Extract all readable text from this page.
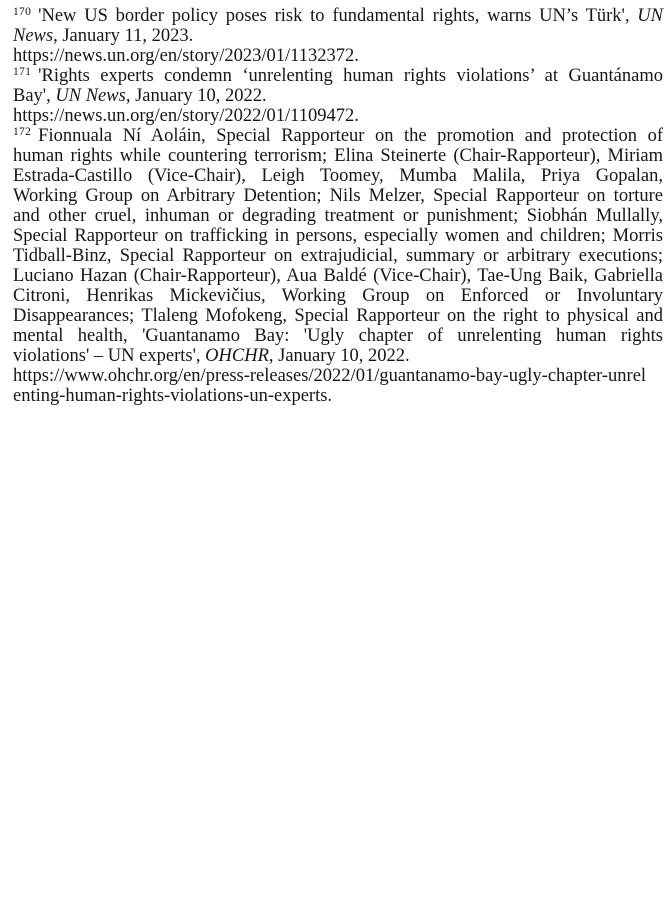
$^{170}$ 'New US border policy poses risk to fundamental rights, warns UN’s Türk', UN
News, January 11, 2023.
https://news.un.org/en/story/2023/01/1132372.
$^{171}$ 'Rights experts condemn ‘unrelenting human rights violations’ at Guantánamo
Bay', UN News, January 10, 2022.
https://news.un.org/en/story/2022/01/1109472.
$^{172}$ Fionnuala Ní Aoláin, Special Rapporteur on the promotion and protection of
human rights while countering terrorism; Elina Steinerte (Chair-Rapporteur), Miriam
Estrada-Castillo (Vice-Chair), Leigh Toomey, Mumba Malila, Priya Gopalan,
Working Group on Arbitrary Detention; Nils Melzer, Special Rapporteur on torture
and other cruel, inhuman or degrading treatment or punishment; Siobhán Mullally,
Special Rapporteur on trafficking in persons, especially women and children; Morris
Tidball-Binz, Special Rapporteur on extrajudicial, summary or arbitrary executions;
Luciano Hazan (Chair-Rapporteur), Aua Baldé (Vice-Chair), Tae-Ung Baik, Gabriella
Citroni, Henrikas Mickevičius, Working Group on Enforced or Involuntary
Disappearances; Tlaleng Mofokeng, Special Rapporteur on the right to physical and
mental health, 'Guantanamo Bay: 'Ugly chapter of unrelenting human rights
violations' – UN experts', OHCHR, January 10, 2022.
https://www.ohchr.org/en/press-releases/2022/01/guantanamo-bay-ugly-chapter-unrel
enting-human-rights-violations-un-experts.
